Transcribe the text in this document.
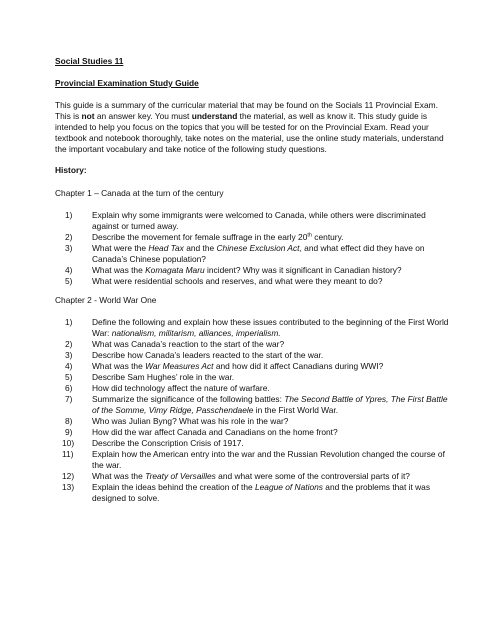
Social Studies 11

Provincial Examination Study Guide

This guide is a summary of the curricular material that may be found on the Socials 11 Provincial Exam. This is not an answer key. You must understand the material, as well as know it. This study guide is intended to help you focus on the topics that you will be tested for on the Provincial Exam. Read your textbook and notebook thoroughly, take notes on the material, use the online study materials, understand the important vocabulary and take notice of the following study questions.

History:

Chapter 1 – Canada at the turn of the century

1) Explain why some immigrants were welcomed to Canada, while others were discriminated against or turned away.
2) Describe the movement for female suffrage in the early 20th century.
3) What were the Head Tax and the Chinese Exclusion Act, and what effect did they have on Canada’s Chinese population?
4) What was the Komagata Maru incident? Why was it significant in Canadian history?
5) What were residential schools and reserves, and what were they meant to do?

Chapter 2 - World War One

1) Define the following and explain how these issues contributed to the beginning of the First World War: nationalism, militarism, alliances, imperialism.
2) What was Canada’s reaction to the start of the war?
3) Describe how Canada’s leaders reacted to the start of the war.
4) What was the War Measures Act and how did it affect Canadians during WWI?
5) Describe Sam Hughes’ role in the war.
6) How did technology affect the nature of warfare.
7) Summarize the significance of the following battles: The Second Battle of Ypres, The First Battle of the Somme, Vimy Ridge, Passchendaele in the First World War.
8) Who was Julian Byng? What was his role in the war?
9) How did the war affect Canada and Canadians on the home front?
10) Describe the Conscription Crisis of 1917.
11) Explain how the American entry into the war and the Russian Revolution changed the course of the war.
12) What was the Treaty of Versailles and what were some of the controversial parts of it?
13) Explain the ideas behind the creation of the League of Nations and the problems that it was designed to solve.
